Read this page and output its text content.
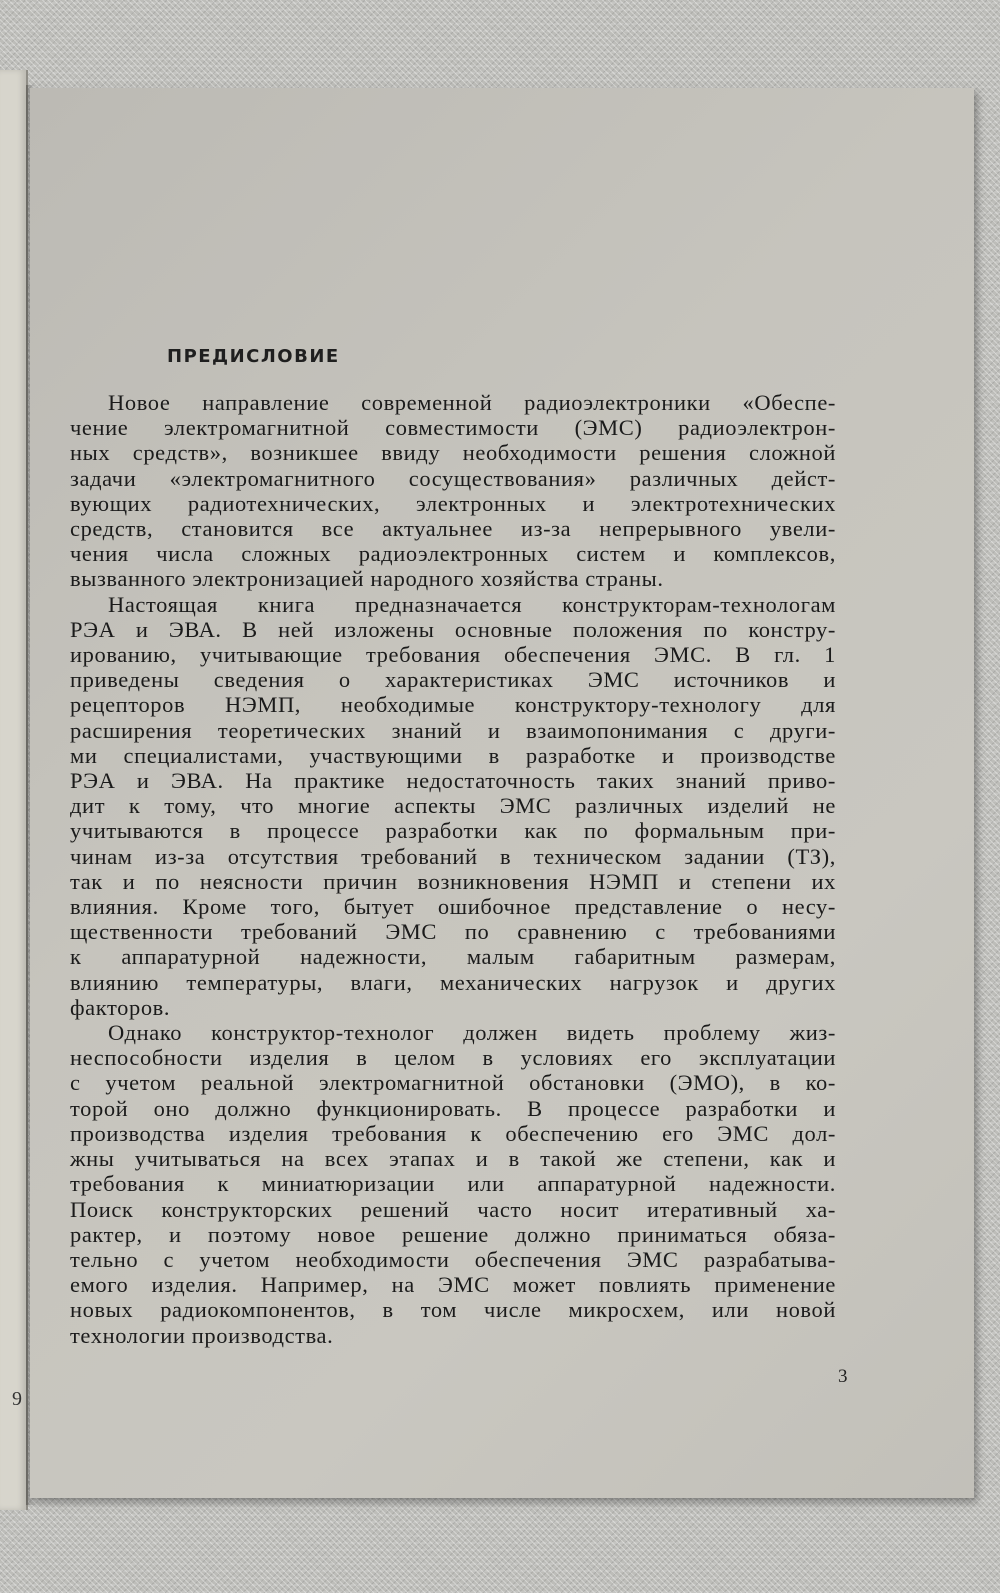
9
ПРЕДИСЛОВИЕ

Новое направление современной радиоэлектроники «Обеспе-
чение электромагнитной совместимости (ЭМС) радиоэлектрон-
ных средств», возникшее ввиду необходимости решения сложной
задачи «электромагнитного сосуществования» различных дейст-
вующих радиотехнических, электронных и электротехнических
средств, становится все актуальнее из-за непрерывного увели-
чения числа сложных радиоэлектронных систем и комплексов,
вызванного электронизацией народного хозяйства страны.

Настоящая книга предназначается конструкторам-технологам
РЭА и ЭВА. В ней изложены основные положения по констру-
ированию, учитывающие требования обеспечения ЭМС. В гл. 1
приведены сведения о характеристиках ЭМС источников и
рецепторов НЭМП, необходимые конструктору-технологу для
расширения теоретических знаний и взаимопонимания с други-
ми специалистами, участвующими в разработке и производстве
РЭА и ЭВА. На практике недостаточность таких знаний приво-
дит к тому, что многие аспекты ЭМС различных изделий не
учитываются в процессе разработки как по формальным при-
чинам из-за отсутствия требований в техническом задании (ТЗ),
так и по неясности причин возникновения НЭМП и степени их
влияния. Кроме того, бытует ошибочное представление о несу-
щественности требований ЭМС по сравнению с требованиями
к аппаратурной надежности, малым габаритным размерам,
влиянию температуры, влаги, механических нагрузок и других
факторов.

Однако конструктор-технолог должен видеть проблему жиз-
неспособности изделия в целом в условиях его эксплуатации
с учетом реальной электромагнитной обстановки (ЭМО), в ко-
торой оно должно функционировать. В процессе разработки и
производства изделия требования к обеспечению его ЭМС дол-
жны учитываться на всех этапах и в такой же степени, как и
требования к миниатюризации или аппаратурной надежности.
Поиск конструкторских решений часто носит итеративный ха-
рактер, и поэтому новое решение должно приниматься обяза-
тельно с учетом необходимости обеспечения ЭМС разрабатыва-
емого изделия. Например, на ЭМС может повлиять применение
новых радиокомпонентов, в том числе микросхем, или новой
технологии производства.

3
